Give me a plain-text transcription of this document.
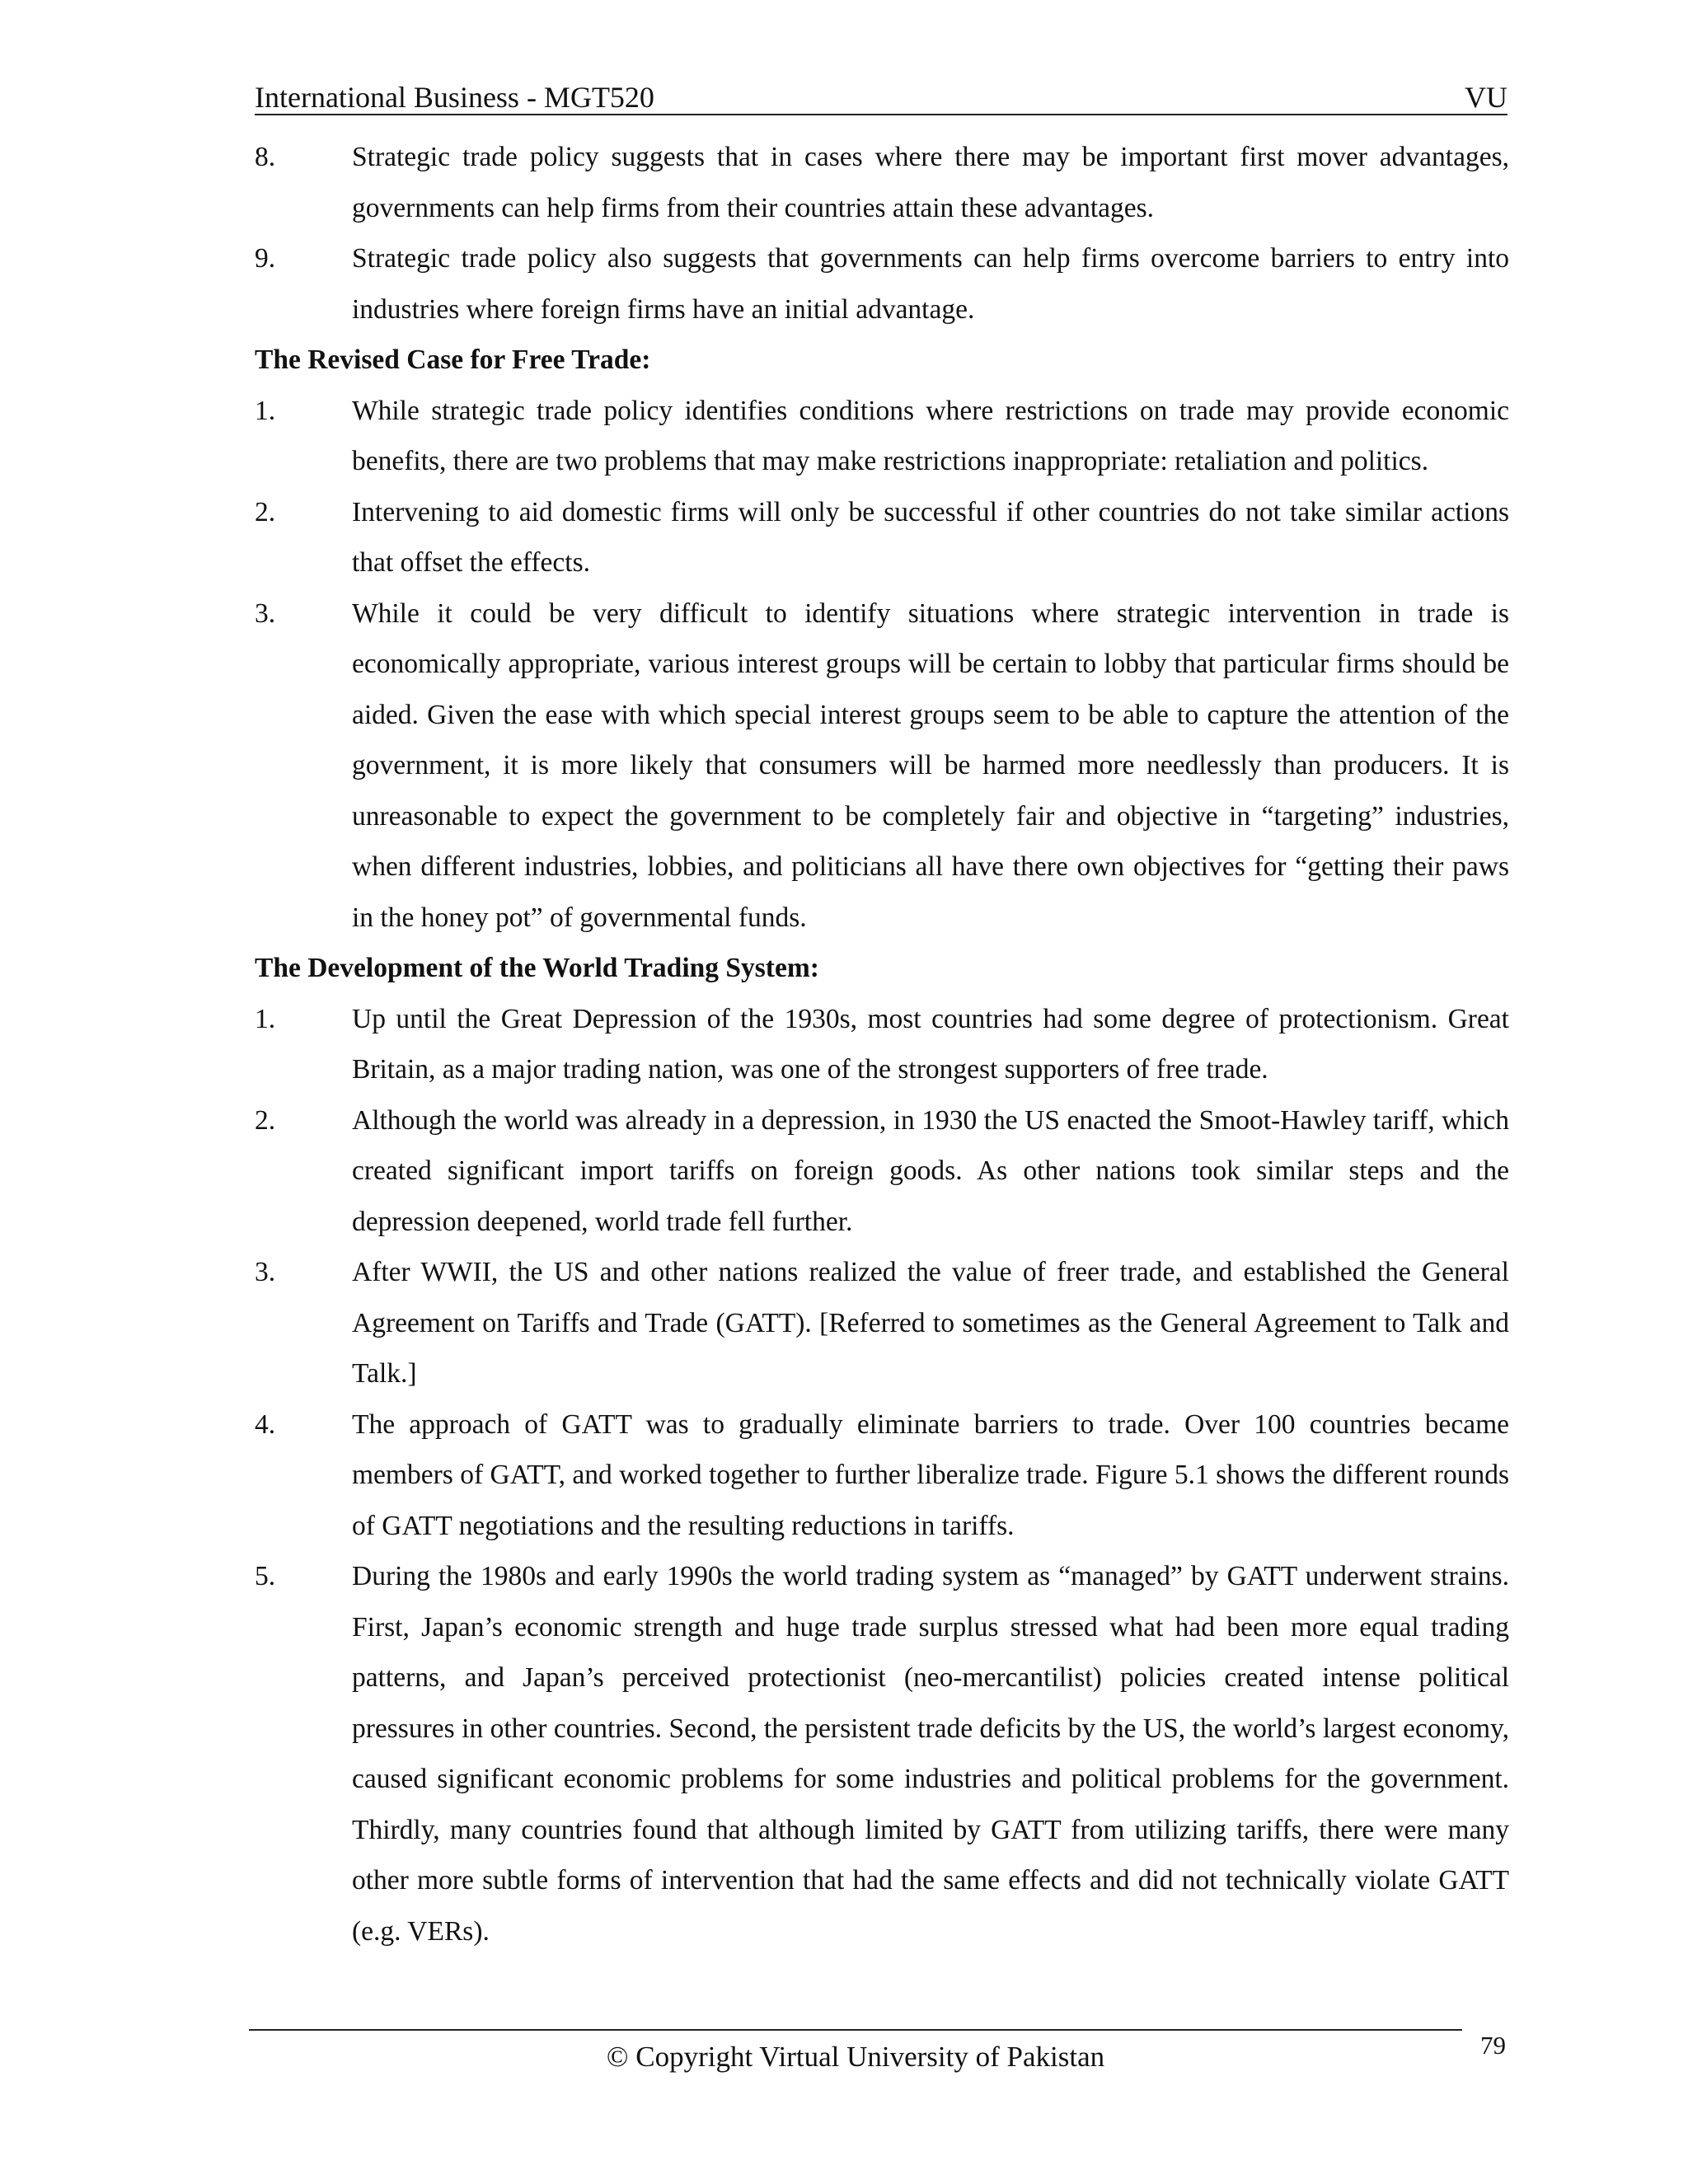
International Business - MGT520	VU
8.	Strategic trade policy suggests that in cases where there may be important first mover advantages, governments can help firms from their countries attain these advantages.

9.	Strategic trade policy also suggests that governments can help firms overcome barriers to entry into industries where foreign firms have an initial advantage.

The Revised Case for Free Trade:

1.	While strategic trade policy identifies conditions where restrictions on trade may provide economic benefits, there are two problems that may make restrictions inappropriate: retaliation and politics.

2.	Intervening to aid domestic firms will only be successful if other countries do not take similar actions that offset the effects.

3.	While it could be very difficult to identify situations where strategic intervention in trade is economically appropriate, various interest groups will be certain to lobby that particular firms should be aided. Given the ease with which special interest groups seem to be able to capture the attention of the government, it is more likely that consumers will be harmed more needlessly than producers. It is unreasonable to expect the government to be completely fair and objective in “targeting” industries, when different industries, lobbies, and politicians all have there own objectives for “getting their paws in the honey pot” of governmental funds.

The Development of the World Trading System:

1.	Up until the Great Depression of the 1930s, most countries had some degree of protectionism. Great Britain, as a major trading nation, was one of the strongest supporters of free trade.

2.	Although the world was already in a depression, in 1930 the US enacted the Smoot-Hawley tariff, which created significant import tariffs on foreign goods. As other nations took similar steps and the depression deepened, world trade fell further.

3.	After WWII, the US and other nations realized the value of freer trade, and established the General Agreement on Tariffs and Trade (GATT). [Referred to sometimes as the General Agreement to Talk and Talk.]

4.	The approach of GATT was to gradually eliminate barriers to trade. Over 100 countries became members of GATT, and worked together to further liberalize trade. Figure 5.1 shows the different rounds of GATT negotiations and the resulting reductions in tariffs.

5.	During the 1980s and early 1990s the world trading system as “managed” by GATT underwent strains. First, Japan’s economic strength and huge trade surplus stressed what had been more equal trading patterns, and Japan’s perceived protectionist (neo-mercantilist) policies created intense political pressures in other countries. Second, the persistent trade deficits by the US, the world’s largest economy, caused significant economic problems for some industries and political problems for the government. Thirdly, many countries found that although limited by GATT from utilizing tariffs, there were many other more subtle forms of intervention that had the same effects and did not technically violate GATT (e.g. VERs).

© Copyright Virtual University of Pakistan	79
